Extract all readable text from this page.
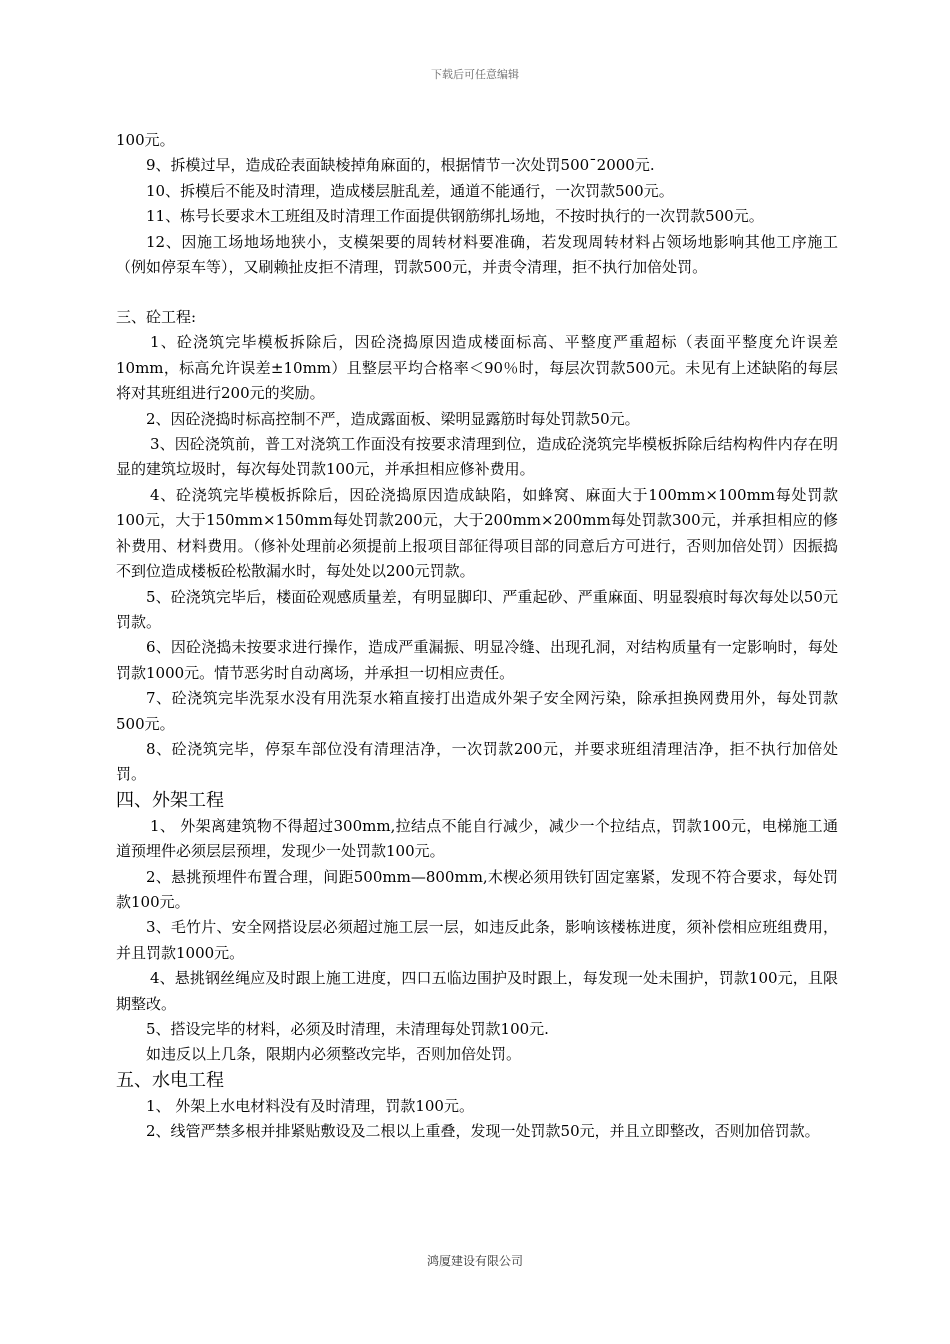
下载后可任意编辑

100元。

9、拆模过早，造成砼表面缺棱掉角麻面的，根据情节一次处罚500¯2000元.

10、拆模后不能及时清理，造成楼层脏乱差，通道不能通行，一次罚款500元。

11、栋号长要求木工班组及时清理工作面提供钢筋绑扎场地，不按时执行的一次罚款500元。

12、因施工场地场地狭小，支模架要的周转材料要准确，若发现周转材料占领场地影响其他工序施工（例如停泵车等），又刷赖扯皮拒不清理，罚款500元，并责令清理，拒不执行加倍处罚。

三、砼工程:

1、砼浇筑完毕模板拆除后，因砼浇捣原因造成楼面标高、平整度严重超标（表面平整度允许误差10mm，标高允许误差±10mm）且整层平均合格率＜90％时，每层次罚款500元。未见有上述缺陷的每层将对其班组进行200元的奖励。

2、因砼浇捣时标高控制不严，造成露面板、梁明显露筋时每处罚款50元。

3、因砼浇筑前，普工对浇筑工作面没有按要求清理到位，造成砼浇筑完毕模板拆除后结构构件内存在明显的建筑垃圾时，每次每处罚款100元，并承担相应修补费用。

4、砼浇筑完毕模板拆除后，因砼浇捣原因造成缺陷，如蜂窝、麻面大于100mm×100mm每处罚款100元，大于150mm×150mm每处罚款200元，大于200mm×200mm每处罚款300元，并承担相应的修补费用、材料费用。（修补处理前必须提前上报项目部征得项目部的同意后方可进行，否则加倍处罚）因振捣不到位造成楼板砼松散漏水时，每处处以200元罚款。

5、砼浇筑完毕后，楼面砼观感质量差，有明显脚印、严重起砂、严重麻面、明显裂痕时每次每处以50元罚款。

6、因砼浇捣未按要求进行操作，造成严重漏振、明显冷缝、出现孔洞，对结构质量有一定影响时，每处罚款1000元。情节恶劣时自动离场，并承担一切相应责任。

7、砼浇筑完毕洗泵水没有用洗泵水箱直接打出造成外架子安全网污染，除承担换网费用外，每处罚款500元。

8、砼浇筑完毕，停泵车部位没有清理洁净，一次罚款200元，并要求班组清理洁净，拒不执行加倍处罚。

四、外架工程

1、 外架离建筑物不得超过300mm,拉结点不能自行减少，减少一个拉结点，罚款100元，电梯施工通道预埋件必须层层预埋，发现少一处罚款100元。

2、悬挑预埋件布置合理，间距500mm—800mm,木楔必须用铁钉固定塞紧，发现不符合要求，每处罚款100元。

3、毛竹片、安全网搭设层必须超过施工层一层，如违反此条，影响该楼栋进度，须补偿相应班组费用，并且罚款1000元。

4、悬挑钢丝绳应及时跟上施工进度，四口五临边围护及时跟上，每发现一处未围护，罚款100元，且限期整改。

5、搭设完毕的材料，必须及时清理，未清理每处罚款100元.

如违反以上几条，限期内必须整改完毕，否则加倍处罚。

五、水电工程

1、 外架上水电材料没有及时清理，罚款100元。

2、线管严禁多根并排紧贴敷设及二根以上重叠，发现一处罚款50元，并且立即整改，否则加倍罚款。

鸿厦建设有限公司
